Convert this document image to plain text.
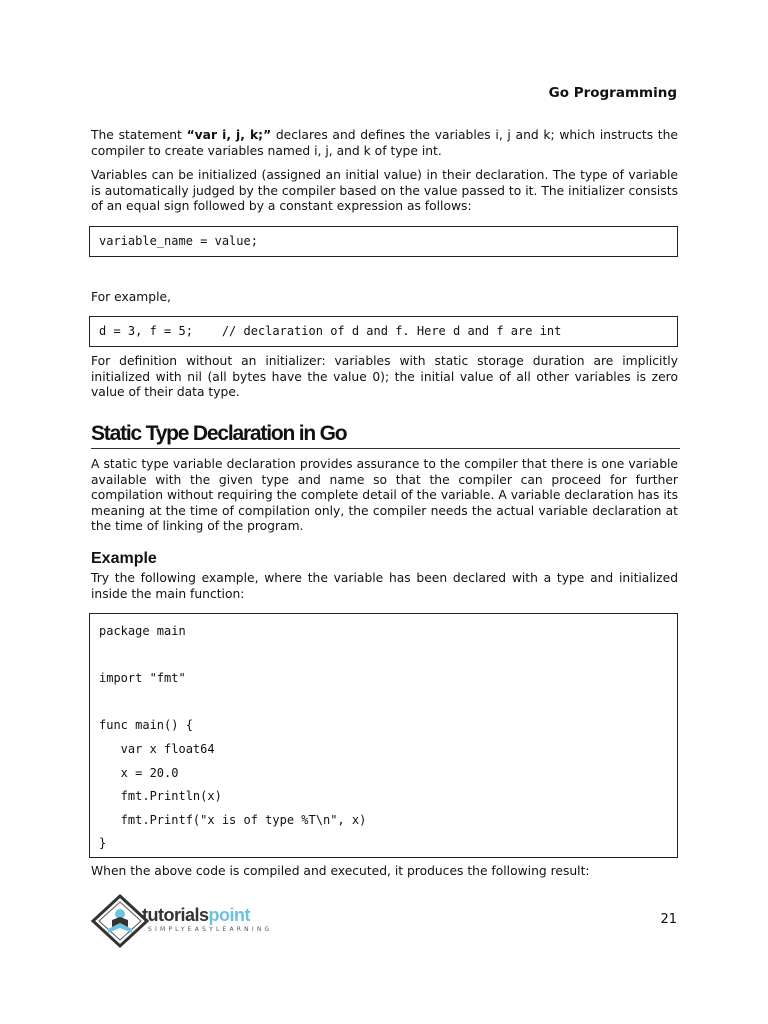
Go Programming

The statement “var i, j, k;” declares and defines the variables i, j and k; which instructs the compiler to create variables named i, j, and k of type int.

Variables can be initialized (assigned an initial value) in their declaration. The type of variable is automatically judged by the compiler based on the value passed to it. The initializer consists of an equal sign followed by a constant expression as follows:

variable_name = value;

For example,

d = 3, f = 5;    // declaration of d and f. Here d and f are int

For definition without an initializer: variables with static storage duration are implicitly initialized with nil (all bytes have the value 0); the initial value of all other variables is zero value of their data type.

Static Type Declaration in Go

A static type variable declaration provides assurance to the compiler that there is one variable available with the given type and name so that the compiler can proceed for further compilation without requiring the complete detail of the variable. A variable declaration has its meaning at the time of compilation only, the compiler needs the actual variable declaration at the time of linking of the program.

Example

Try the following example, where the variable has been declared with a type and initialized inside the main function:

package main
import "fmt"
func main() {
var x float64
x = 20.0
fmt.Println(x)
fmt.Printf("x is of type %T\n", x)
}

When the above code is compiled and executed, it produces the following result:

tutorialspoint
SIMPLYEASYLEARNING
21
